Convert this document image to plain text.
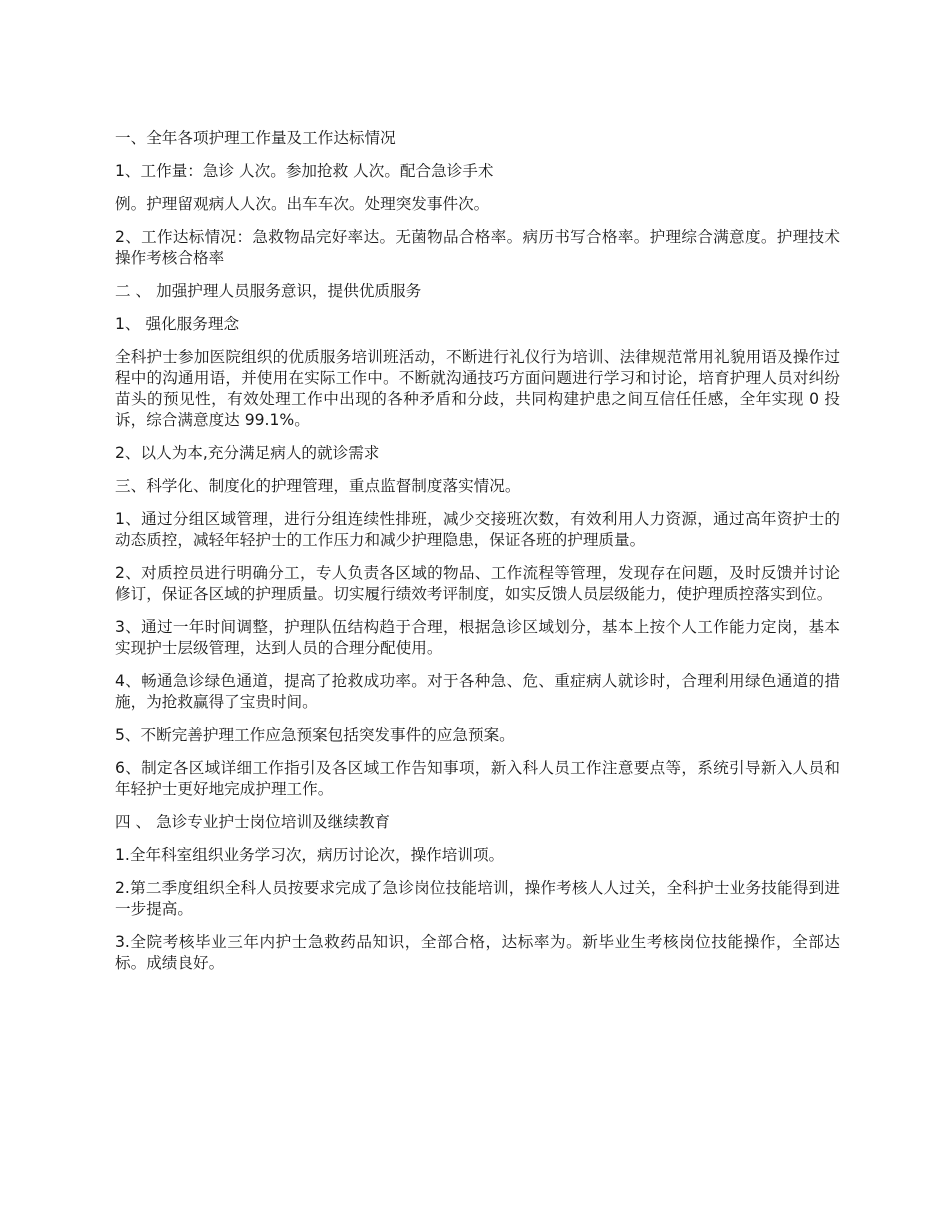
一、全年各项护理工作量及工作达标情况

1、工作量：急诊 人次。参加抢救 人次。配合急诊手术

例。护理留观病人人次。出车车次。处理突发事件次。

2、工作达标情况：急救物品完好率达。无菌物品合格率。病历书写合格率。护理综合满意度。护理技术操作考核合格率

二 、 加强护理人员服务意识，提供优质服务

1、 强化服务理念

全科护士参加医院组织的优质服务培训班活动，不断进行礼仪行为培训、法律规范常用礼貌用语及操作过程中的沟通用语，并使用在实际工作中。不断就沟通技巧方面问题进行学习和讨论，培育护理人员对纠纷苗头的预见性，有效处理工作中出现的各种矛盾和分歧，共同构建护患之间互信任任感，全年实现 0 投诉，综合满意度达 99.1%。

2、以人为本,充分满足病人的就诊需求

三、科学化、制度化的护理管理，重点监督制度落实情况。

1、通过分组区域管理，进行分组连续性排班，减少交接班次数，有效利用人力资源，通过高年资护士的动态质控，减轻年轻护士的工作压力和减少护理隐患，保证各班的护理质量。

2、对质控员进行明确分工，专人负责各区域的物品、工作流程等管理，发现存在问题，及时反馈并讨论修订，保证各区域的护理质量。切实履行绩效考评制度，如实反馈人员层级能力，使护理质控落实到位。

3、通过一年时间调整，护理队伍结构趋于合理，根据急诊区域划分，基本上按个人工作能力定岗，基本实现护士层级管理，达到人员的合理分配使用。

4、畅通急诊绿色通道，提高了抢救成功率。对于各种急、危、重症病人就诊时，合理利用绿色通道的措施，为抢救赢得了宝贵时间。

5、不断完善护理工作应急预案包括突发事件的应急预案。

6、制定各区域详细工作指引及各区域工作告知事项，新入科人员工作注意要点等，系统引导新入人员和年轻护士更好地完成护理工作。

四 、 急诊专业护士岗位培训及继续教育

1.全年科室组织业务学习次，病历讨论次，操作培训项。

2.第二季度组织全科人员按要求完成了急诊岗位技能培训，操作考核人人过关，全科护士业务技能得到进一步提高。

3.全院考核毕业三年内护士急救药品知识，全部合格，达标率为。新毕业生考核岗位技能操作，全部达标。成绩良好。
